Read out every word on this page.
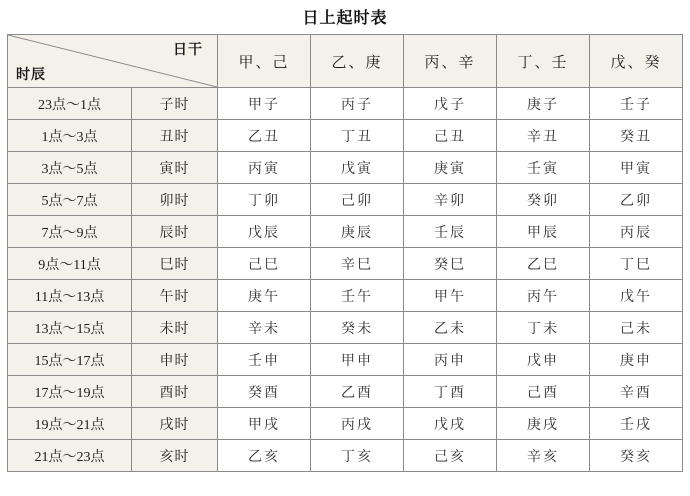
日上起时表
日干
时辰		甲、己	乙、庚	丙、辛	丁、壬	戊、癸
23点～1点	子时	甲子	丙子	戊子	庚子	壬子
1点～3点	丑时	乙丑	丁丑	己丑	辛丑	癸丑
3点～5点	寅时	丙寅	戊寅	庚寅	壬寅	甲寅
5点～7点	卯时	丁卯	己卯	辛卯	癸卯	乙卯
7点～9点	辰时	戊辰	庚辰	壬辰	甲辰	丙辰
9点～11点	巳时	己巳	辛巳	癸巳	乙巳	丁巳
11点～13点	午时	庚午	壬午	甲午	丙午	戊午
13点～15点	未时	辛未	癸未	乙未	丁未	己未
15点～17点	申时	壬申	甲申	丙申	戊申	庚申
17点～19点	酉时	癸酉	乙酉	丁酉	己酉	辛酉
19点～21点	戌时	甲戌	丙戌	戊戌	庚戌	壬戌
21点～23点	亥时	乙亥	丁亥	己亥	辛亥	癸亥
